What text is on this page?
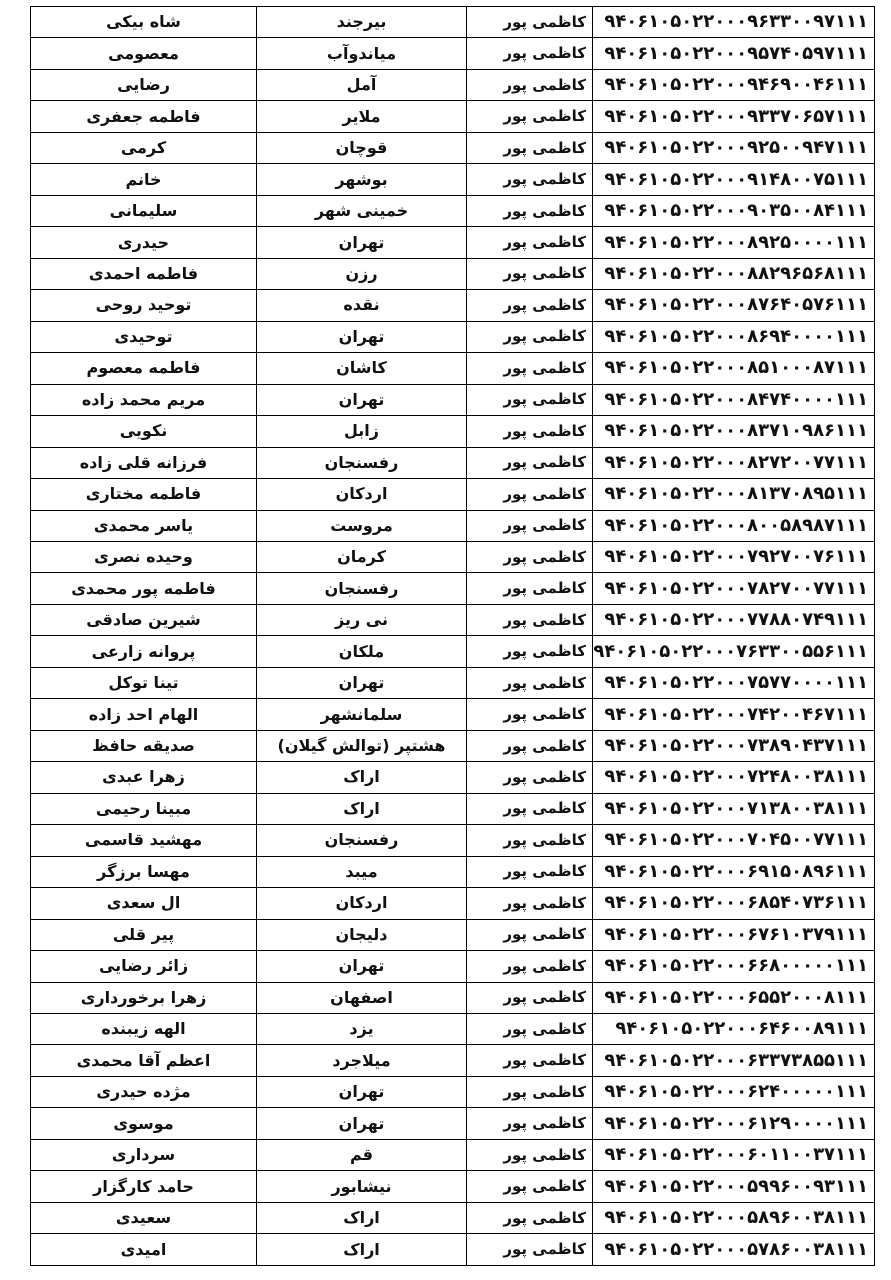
شاه بیکی	بیرجند	کاظمی پور	۹۴۰۶۱۰۵۰۲۲۰۰۰۹۶۳۳۰۰۹۷۱۱۱
معصومی	میاندوآب	کاظمی پور	۹۴۰۶۱۰۵۰۲۲۰۰۰۹۵۷۴۰۵۹۷۱۱۱
رضایی	آمل	کاظمی پور	۹۴۰۶۱۰۵۰۲۲۰۰۰۹۴۶۹۰۰۴۶۱۱۱
فاطمه جعفری	ملایر	کاظمی پور	۹۴۰۶۱۰۵۰۲۲۰۰۰۹۳۳۷۰۶۵۷۱۱۱
کرمی	قوچان	کاظمی پور	۹۴۰۶۱۰۵۰۲۲۰۰۰۹۲۵۰۰۹۴۷۱۱۱
خانم	بوشهر	کاظمی پور	۹۴۰۶۱۰۵۰۲۲۰۰۰۹۱۴۸۰۰۷۵۱۱۱
سلیمانی	خمینی شهر	کاظمی پور	۹۴۰۶۱۰۵۰۲۲۰۰۰۹۰۳۵۰۰۸۴۱۱۱
حیدری	تهران	کاظمی پور	۹۴۰۶۱۰۵۰۲۲۰۰۰۸۹۲۵۰۰۰۰۱۱۱
فاطمه احمدی	رزن	کاظمی پور	۹۴۰۶۱۰۵۰۲۲۰۰۰۸۸۲۹۶۵۶۸۱۱۱
توحید روحی	نقده	کاظمی پور	۹۴۰۶۱۰۵۰۲۲۰۰۰۸۷۶۴۰۵۷۶۱۱۱
توحیدی	تهران	کاظمی پور	۹۴۰۶۱۰۵۰۲۲۰۰۰۸۶۹۴۰۰۰۰۱۱۱
فاطمه معصوم	کاشان	کاظمی پور	۹۴۰۶۱۰۵۰۲۲۰۰۰۸۵۱۰۰۰۸۷۱۱۱
مریم محمد زاده	تهران	کاظمی پور	۹۴۰۶۱۰۵۰۲۲۰۰۰۸۴۷۴۰۰۰۰۱۱۱
نکویی	زابل	کاظمی پور	۹۴۰۶۱۰۵۰۲۲۰۰۰۸۳۷۱۰۹۸۶۱۱۱
فرزانه قلی زاده	رفسنجان	کاظمی پور	۹۴۰۶۱۰۵۰۲۲۰۰۰۸۲۷۲۰۰۷۷۱۱۱
فاطمه مختاری	اردکان	کاظمی پور	۹۴۰۶۱۰۵۰۲۲۰۰۰۸۱۳۷۰۸۹۵۱۱۱
یاسر محمدی	مروست	کاظمی پور	۹۴۰۶۱۰۵۰۲۲۰۰۰۸۰۰۵۸۹۸۷۱۱۱
وحیده نصری	کرمان	کاظمی پور	۹۴۰۶۱۰۵۰۲۲۰۰۰۷۹۲۷۰۰۷۶۱۱۱
فاطمه پور محمدی	رفسنجان	کاظمی پور	۹۴۰۶۱۰۵۰۲۲۰۰۰۷۸۲۷۰۰۷۷۱۱۱
شیرین صادقی	نی ریز	کاظمی پور	۹۴۰۶۱۰۵۰۲۲۰۰۰۷۷۸۸۰۷۴۹۱۱۱
پروانه زارعی	ملکان	کاظمی پور	۹۴۰۶۱۰۵۰۲۲۰۰۰۷۶۳۳۰۰۵۵۶۱۱۱
تینا توکل	تهران	کاظمی پور	۹۴۰۶۱۰۵۰۲۲۰۰۰۷۵۷۷۰۰۰۰۱۱۱
الهام احد زاده	سلمانشهر	کاظمی پور	۹۴۰۶۱۰۵۰۲۲۰۰۰۷۴۲۰۰۴۶۷۱۱۱
صدیقه حافظ	هشتپر (توالش گیلان)	کاظمی پور	۹۴۰۶۱۰۵۰۲۲۰۰۰۷۳۸۹۰۴۳۷۱۱۱
زهرا عبدی	اراک	کاظمی پور	۹۴۰۶۱۰۵۰۲۲۰۰۰۷۲۴۸۰۰۳۸۱۱۱
مبینا رحیمی	اراک	کاظمی پور	۹۴۰۶۱۰۵۰۲۲۰۰۰۷۱۳۸۰۰۳۸۱۱۱
مهشید قاسمی	رفسنجان	کاظمی پور	۹۴۰۶۱۰۵۰۲۲۰۰۰۷۰۴۵۰۰۷۷۱۱۱
مهسا برزگر	میبد	کاظمی پور	۹۴۰۶۱۰۵۰۲۲۰۰۰۶۹۱۵۰۸۹۶۱۱۱
ال سعدی	اردکان	کاظمی پور	۹۴۰۶۱۰۵۰۲۲۰۰۰۶۸۵۴۰۷۳۶۱۱۱
پیر قلی	دلیجان	کاظمی پور	۹۴۰۶۱۰۵۰۲۲۰۰۰۶۷۶۱۰۳۷۹۱۱۱
زائر رضایی	تهران	کاظمی پور	۹۴۰۶۱۰۵۰۲۲۰۰۰۶۶۸۰۰۰۰۰۱۱۱
زهرا برخورداری	اصفهان	کاظمی پور	۹۴۰۶۱۰۵۰۲۲۰۰۰۶۵۵۲۰۰۰۸۱۱۱
الهه زیبنده	یزد	کاظمی پور	۹۴۰۶۱۰۵۰۲۲۰۰۰۶۴۶۰۰۸۹۱۱۱
اعظم آقا محمدی	میلاجرد	کاظمی پور	۹۴۰۶۱۰۵۰۲۲۰۰۰۶۳۳۷۳۸۵۵۱۱۱
مژده حیدری	تهران	کاظمی پور	۹۴۰۶۱۰۵۰۲۲۰۰۰۶۲۴۰۰۰۰۰۱۱۱
موسوی	تهران	کاظمی پور	۹۴۰۶۱۰۵۰۲۲۰۰۰۶۱۲۹۰۰۰۰۱۱۱
سرداری	قم	کاظمی پور	۹۴۰۶۱۰۵۰۲۲۰۰۰۶۰۱۱۰۰۳۷۱۱۱
حامد کارگزار	نیشابور	کاظمی پور	۹۴۰۶۱۰۵۰۲۲۰۰۰۵۹۹۶۰۰۹۳۱۱۱
سعیدی	اراک	کاظمی پور	۹۴۰۶۱۰۵۰۲۲۰۰۰۵۸۹۶۰۰۳۸۱۱۱
امیدی	اراک	کاظمی پور	۹۴۰۶۱۰۵۰۲۲۰۰۰۵۷۸۶۰۰۳۸۱۱۱
